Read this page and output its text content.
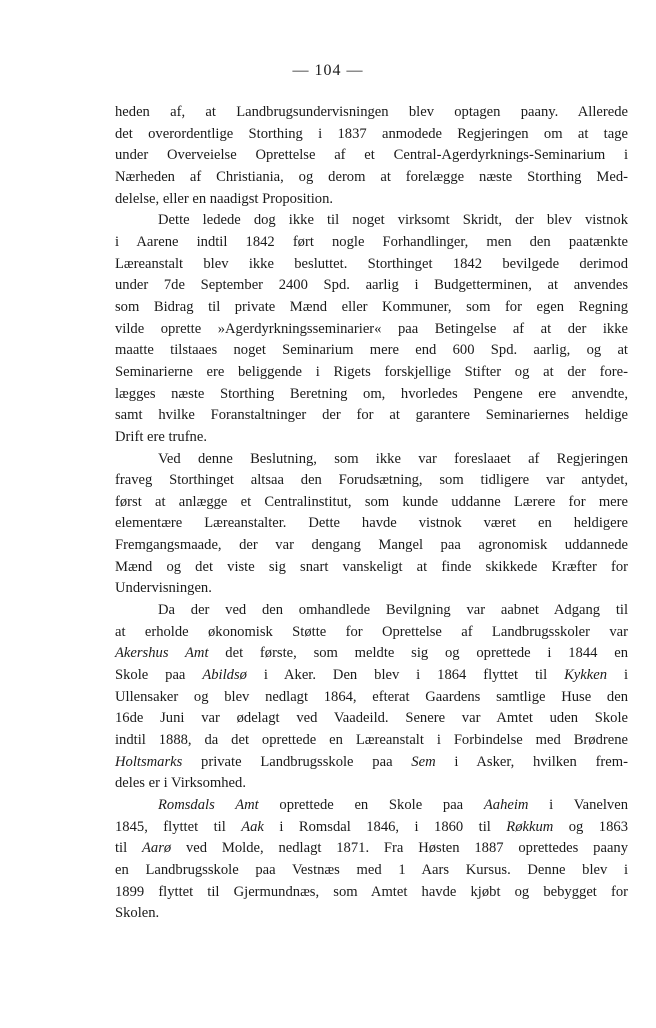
— 104 —
heden af, at Landbrugsundervisningen blev optagen paany. Allerede
det overordentlige Storthing i 1837 anmodede Regjeringen om at tage
under Overveielse Oprettelse af et Central-Agerdyrknings-Seminarium i
Nærheden af Christiania, og derom at forelægge næste Storthing Med-
delelse, eller en naadigst Proposition.
Dette ledede dog ikke til noget virksomt Skridt, der blev vistnok
i Aarene indtil 1842 ført nogle Forhandlinger, men den paatænkte
Læreanstalt blev ikke besluttet. Storthinget 1842 bevilgede derimod
under 7de September 2400 Spd. aarlig i Budgetterminen, at anvendes
som Bidrag til private Mænd eller Kommuner, som for egen Regning
vilde oprette »Agerdyrkningsseminarier« paa Betingelse af at der ikke
maatte tilstaaes noget Seminarium mere end 600 Spd. aarlig, og at
Seminarierne ere beliggende i Rigets forskjellige Stifter og at der fore-
lægges næste Storthing Beretning om, hvorledes Pengene ere anvendte,
samt hvilke Foranstaltninger der for at garantere Seminariernes heldige
Drift ere trufne.
Ved denne Beslutning, som ikke var foreslaaet af Regjeringen
fraveg Storthinget altsaa den Forudsætning, som tidligere var antydet,
først at anlægge et Centralinstitut, som kunde uddanne Lærere for mere
elementære Læreanstalter. Dette havde vistnok været en heldigere
Fremgangsmaade, der var dengang Mangel paa agronomisk uddannede
Mænd og det viste sig snart vanskeligt at finde skikkede Kræfter for
Undervisningen.
Da der ved den omhandlede Bevilgning var aabnet Adgang til
at erholde økonomisk Støtte for Oprettelse af Landbrugsskoler var
Akershus Amt det første, som meldte sig og oprettede i 1844 en
Skole paa Abildsø i Aker. Den blev i 1864 flyttet til Kykken i
Ullensaker og blev nedlagt 1864, efterat Gaardens samtlige Huse den
16de Juni var ødelagt ved Vaadeild. Senere var Amtet uden Skole
indtil 1888, da det oprettede en Læreanstalt i Forbindelse med Brødrene
Holtsmarks private Landbrugsskole paa Sem i Asker, hvilken frem-
deles er i Virksomhed.
Romsdals Amt oprettede en Skole paa Aaheim i Vanelven
1845, flyttet til Aak i Romsdal 1846, i 1860 til Røkkum og 1863
til Aarø ved Molde, nedlagt 1871. Fra Høsten 1887 oprettedes paany
en Landbrugsskole paa Vestnæs med 1 Aars Kursus. Denne blev i
1899 flyttet til Gjermundnæs, som Amtet havde kjøbt og bebygget for
Skolen.
